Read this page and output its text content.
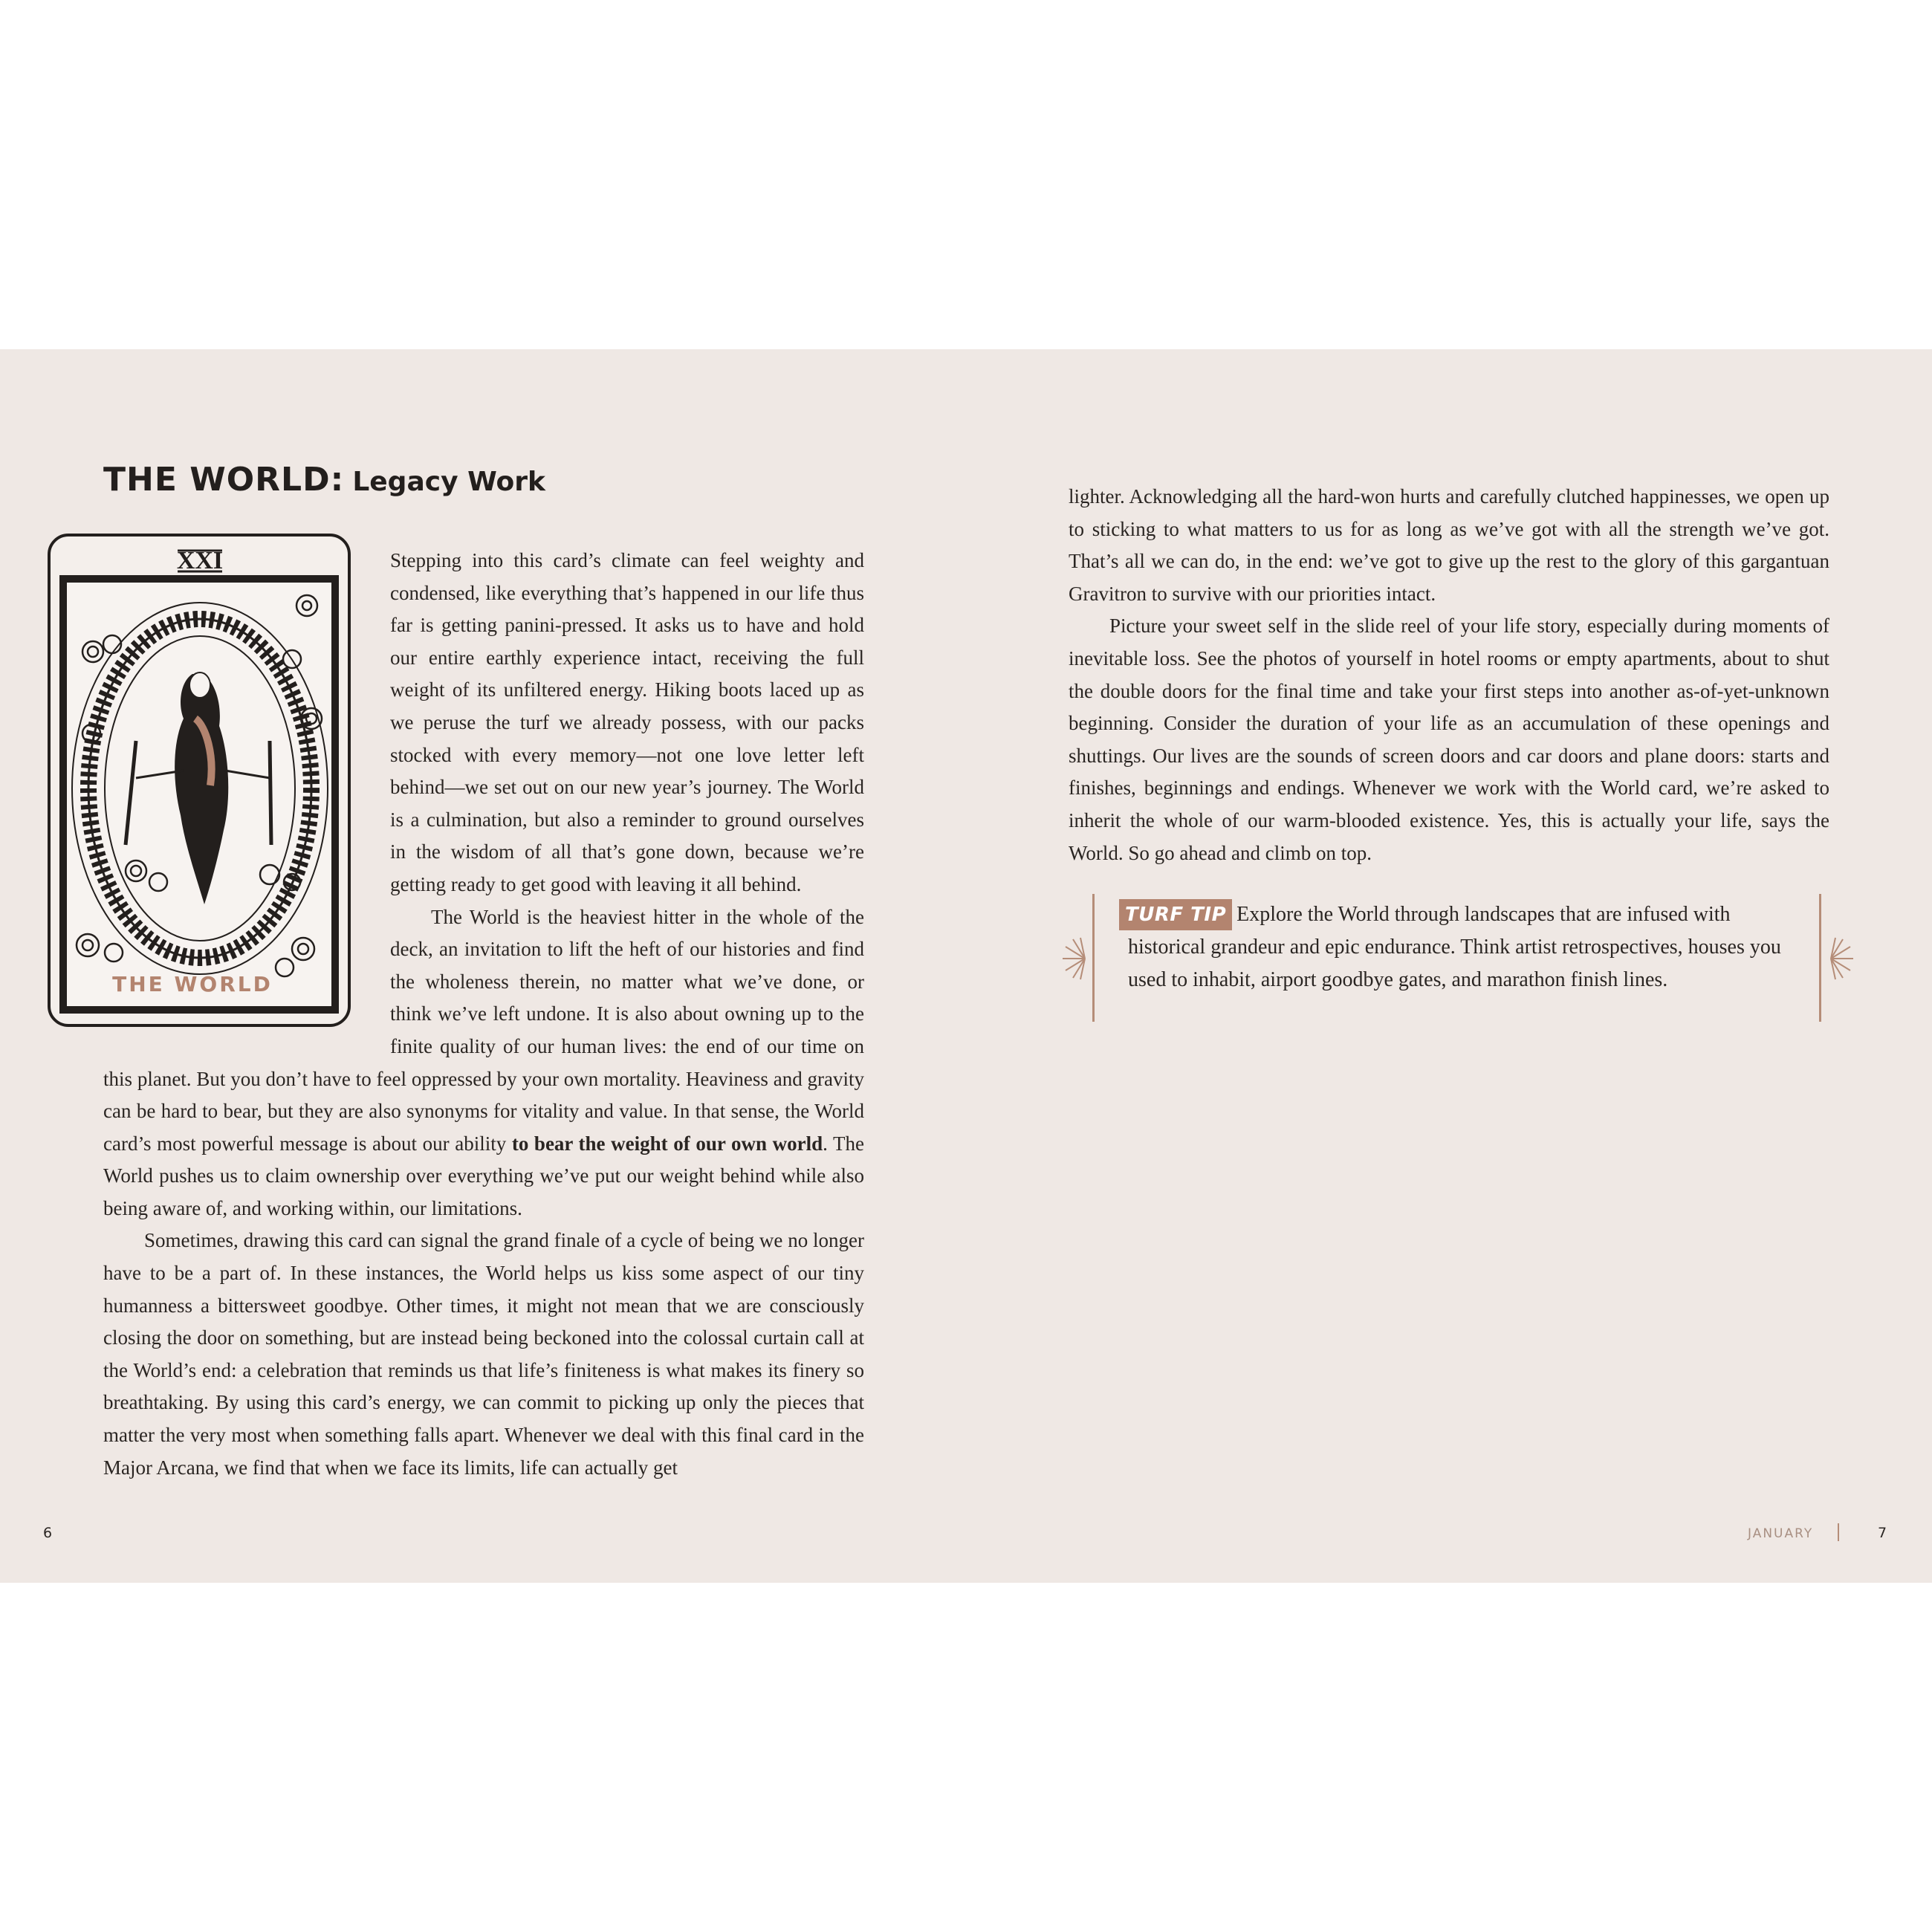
THE WORLD: Legacy Work
XXI
THE WORLD

Stepping into this card’s climate can feel weighty and condensed, like everything that’s happened in our life thus far is getting panini-pressed. It asks us to have and hold our entire earthly experience intact, receiving the full weight of its unfiltered energy. Hiking boots laced up as we peruse the turf we already possess, with our packs stocked with every memory—not one love letter left behind—we set out on our new year’s journey. The World is a culmination, but also a reminder to ground ourselves in the wisdom of all that’s gone down, because we’re getting ready to get good with leaving it all behind.

The World is the heaviest hitter in the whole of the deck, an invitation to lift the heft of our histories and find the wholeness therein, no matter what we’ve done, or think we’ve left undone. It is also about owning up to the finite quality of our human lives: the end of our time on this planet. But you don’t have to feel oppressed by your own mortality. Heaviness and gravity can be hard to bear, but they are also synonyms for vitality and value. In that sense, the World card’s most powerful message is about our ability to bear the weight of our own world. The World pushes us to claim ownership over everything we’ve put our weight behind while also being aware of, and working within, our limitations.

Sometimes, drawing this card can signal the grand finale of a cycle of being we no longer have to be a part of. In these instances, the World helps us kiss some aspect of our tiny humanness a bittersweet goodbye. Other times, it might not mean that we are consciously closing the door on something, but are instead being beckoned into the colossal curtain call at the World’s end: a celebration that reminds us that life’s finiteness is what makes its finery so breathtaking. By using this card’s energy, we can commit to picking up only the pieces that matter the very most when something falls apart. Whenever we deal with this final card in the Major Arcana, we find that when we face its limits, life can actually get

lighter. Acknowledging all the hard-won hurts and carefully clutched happinesses, we open up to sticking to what matters to us for as long as we’ve got with all the strength we’ve got. That’s all we can do, in the end: we’ve got to give up the rest to the glory of this gargantuan Gravitron to survive with our priorities intact.

Picture your sweet self in the slide reel of your life story, especially during moments of inevitable loss. See the photos of yourself in hotel rooms or empty apartments, about to shut the double doors for the final time and take your first steps into another as-of-yet-unknown beginning. Consider the duration of your life as an accumulation of these openings and shuttings. Our lives are the sounds of screen doors and car doors and plane doors: starts and finishes, beginnings and endings. Whenever we work with the World card, we’re asked to inherit the whole of our warm-blooded existence. Yes, this is actually your life, says the World. So go ahead and climb on top.

TURF TIP Explore the World through landscapes that are infused with historical grandeur and epic endurance. Think artist retrospectives, houses you used to inhabit, airport goodbye gates, and marathon finish lines.
6	JANUARY	7
